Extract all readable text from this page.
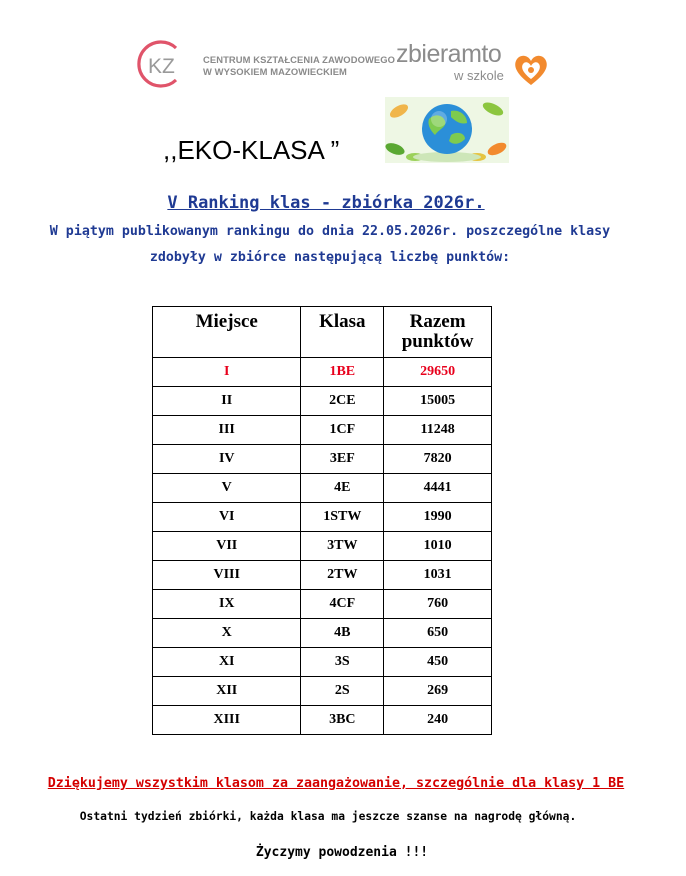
KZ	CENTRUM KSZTAŁCENIA ZAWODOWEGO
W WYSOKIEM MAZOWIECKIEM
zbieramto
w szkole
,,EKO-KLASA ”
V Ranking klas - zbiórka 2026r.
W piątym publikowanym rankingu do dnia 22.05.2026r. poszczególne klasy
zdobyły w zbiórce następującą liczbę punktów:
Miejsce	Klasa	Razem
punktów

I	1BE	29650
II	2CE	15005
III	1CF	11248
IV	3EF	7820
V	4E	4441
VI	1STW	1990
VII	3TW	1010
VIII	2TW	1031
IX	4CF	760
X	4B	650
XI	3S	450
XII	2S	269
XIII	3BC	240
Dziękujemy wszystkim klasom za zaangażowanie, szczególnie dla klasy 1 BE
Ostatni tydzień zbiórki, każda klasa ma jeszcze szanse na nagrodę główną.
Życzymy powodzenia !!!
